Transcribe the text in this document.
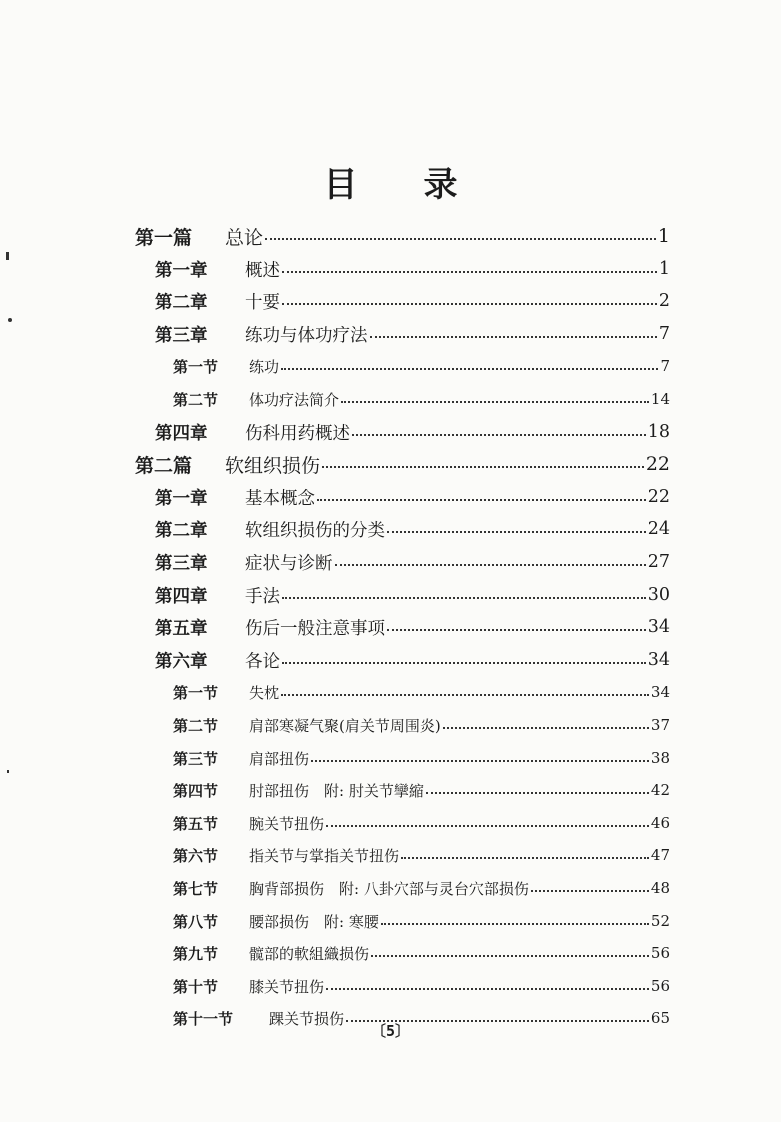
目 录
第一篇	总论	1
第一章	概述	1
第二章	十要	2
第三章	练功与体功疗法	7
第一节	练功	7
第二节	体功疗法简介	14
第四章	伤科用药概述	18
第二篇	软组织损伤	22
第一章	基本概念	22
第二章	软组织损伤的分类	24
第三章	症状与诊断	27
第四章	手法	30
第五章	伤后一般注意事项	34
第六章	各论	34
第一节	失枕	34
第二节	肩部寒凝气聚(肩关节周围炎)	37
第三节	肩部扭伤	38
第四节	肘部扭伤　附: 肘关节攣縮	42
第五节	腕关节扭伤	46
第六节	指关节与掌指关节扭伤	47
第七节	胸背部损伤　附: 八卦穴部与灵台穴部损伤	48
第八节	腰部损伤　附: 寒腰	52
第九节	髋部的軟組織损伤	56
第十节	膝关节扭伤	56
第十一节	踝关节损伤	65
〔5〕
